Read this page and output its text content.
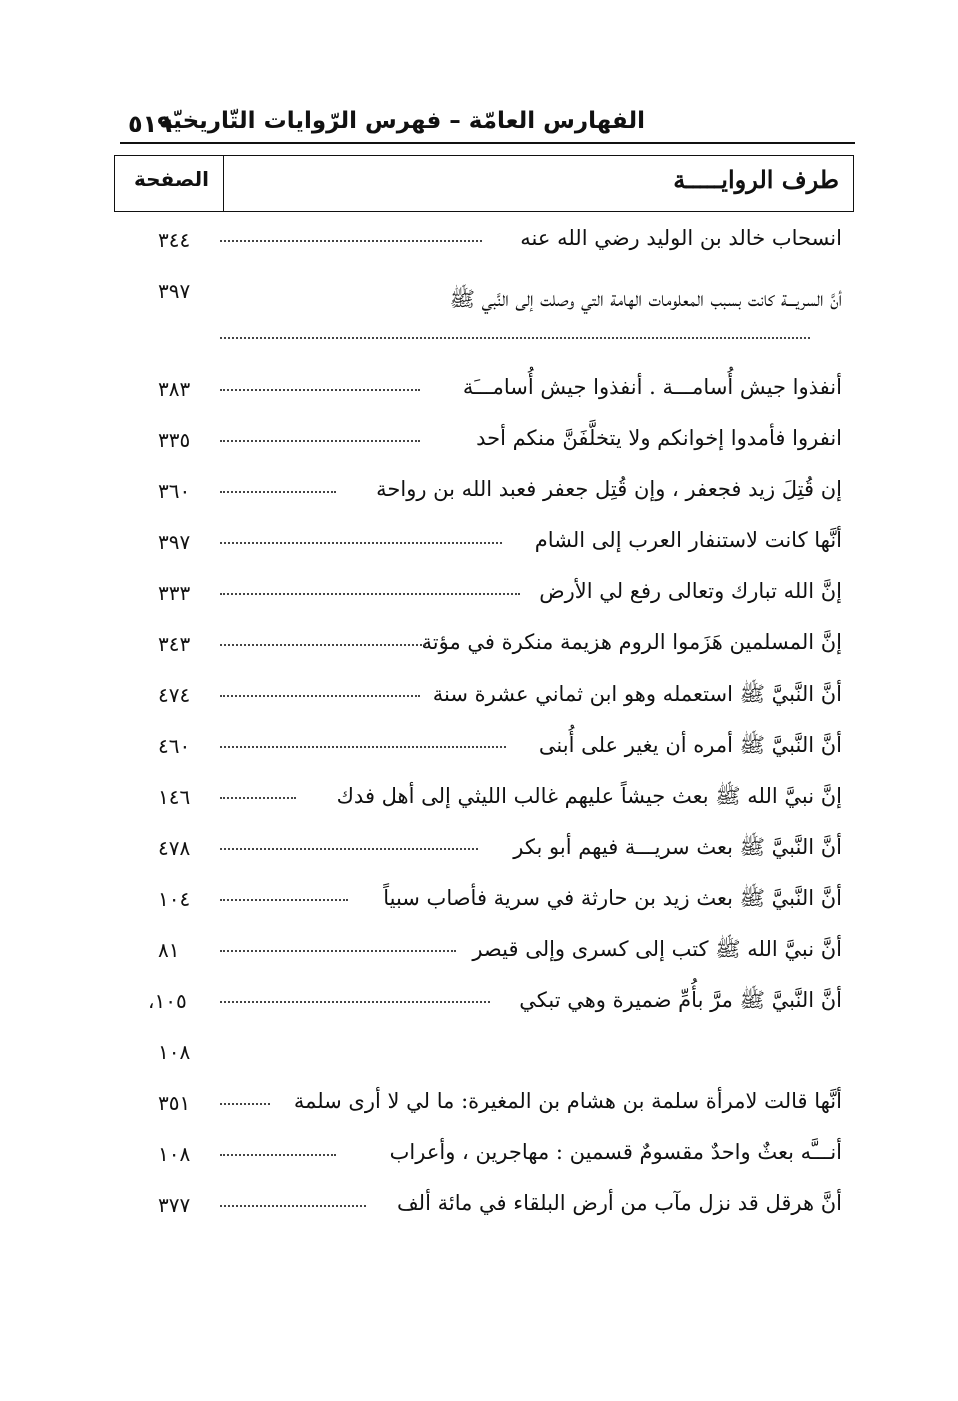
الفهارس العامّة – فهرس الرّوايات التّاريخيّة
٥١٩
طرف الروايـــــة
الصفحة
انسحاب خالد بن الوليد رضي الله عنه
٣٤٤
أنَّ السريـــة كانت بسبب المعلومات الهامة التي وصلت إلى النَّبي ﷺ
٣٩٧
أنفذوا جيش أُسامـــة . أنفذوا جيش أُسامـــَة
٣٨٣
انفروا فأمدوا إخوانكم ولا يتخلَّفَنَّ منكم أحد
٣٣٥
إن قُتِلَ زيد فجعفر ، وإن قُتِل جعفر فعبد الله بن رواحة
٣٦٠
أنَّها كانت لاستنفار العرب إلى الشام
٣٩٧
إنَّ الله تبارك وتعالى رفع لي الأرض
٣٣٣
إنَّ المسلمين هَزَموا الروم هزيمة منكرة في مؤتة
٣٤٣
أنَّ النَّبيَّ ﷺ استعمله وهو ابن ثماني عشرة سنة
٤٧٤
أنَّ النَّبيَّ ﷺ أمره أن يغير على أُبنى
٤٦٠
إنَّ نبيَّ الله ﷺ بعث جيشاً عليهم غالب الليثي إلى أهل فدك
١٤٦
أنَّ النَّبيَّ ﷺ بعث سريـــة فيهم أبو بكر
٤٧٨
أنَّ النَّبيَّ ﷺ بعث زيد بن حارثة في سرية فأصاب سبياً
١٠٤
أنَّ نبيَّ الله ﷺ كتب إلى كسرى وإلى قيصر
٨١
أنَّ النَّبيَّ ﷺ مرَّ بأُمِّ ضميرة وهي تبكي
١٠٥،
١٠٨
أنَّها قالت لامرأة سلمة بن هشام بن المغيرة: ما لي لا أرى سلمة
٣٥١
أنـــَّه بعثٌ واحدٌ مقسومٌ قسمين : مهاجرين ، وأعراب
١٠٨
أنَّ هرقل قد نزل مآب من أرض البلقاء في مائة ألف
٣٧٧
